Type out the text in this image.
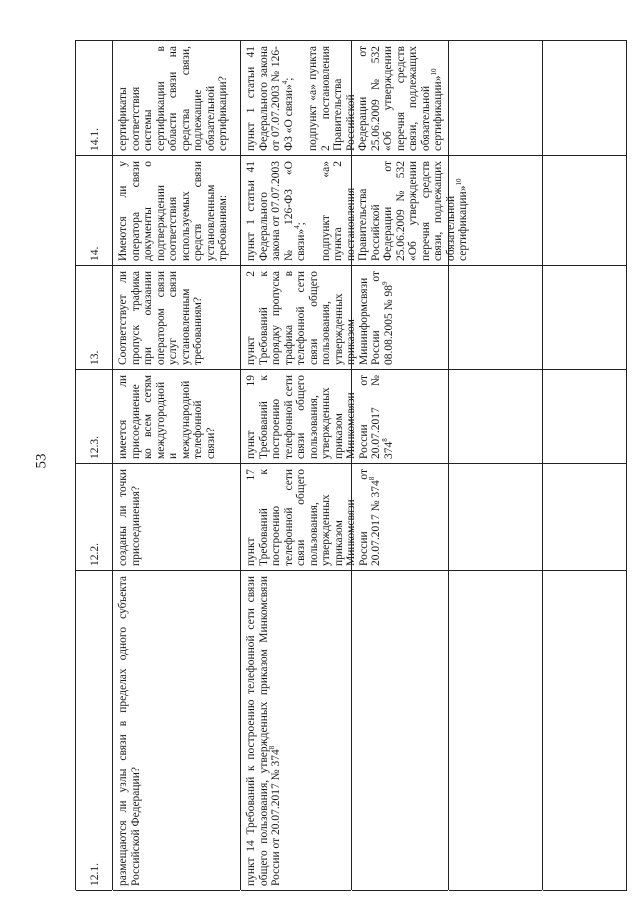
53
14.1.
14.
13.
12.3.
12.2.
12.1.
сертификаты соответствия системы сертификации в области связи на средства связи, подлежащие обязательной сертификации?
Имеются ли у оператора связи документы о подтверждении соответствия используемых средств связи установленным требованиям:
Соответствует ли пропуск трафика при оказании оператором связи услуг связи установленным требованиям?
имеется ли присоединение ко всем сетям междугородной и международной телефонной связи?
созданы ли точки присоединения?
размещаются ли узлы связи в пределах одного субъекта Российской Федерации?

пункт 1 статьи 41 Федерального закона от 07.07.2003 № 126-ФЗ «О связи»$^4$; подпункт «а» пункта 2 постановления Правительства Российской Федерации от 25.06.2009 № 532 «Об утверждении перечня средств связи, подлежащих обязательной сертификации»$^{10}$

пункт 1 статьи 41 Федерального закона от 07.07.2003 № 126-ФЗ «О связи»$^4$; подпункт «а» пункта 2 постановления Правительства Российской Федерации от 25.06.2009 № 532 «Об утверждении перечня средств связи, подлежащих обязательной сертификации»$^{10}$

пункт 2 Требований к порядку пропуска трафика в телефонной сети связи общего пользования, утвержденных приказом Мининформсвязи России от 08.08.2005 № $98^9$

пункт 19 Требований к построению телефонной сети связи общего пользования, утвержденных приказом Минкомсвязи России от 20.07.2017 № $374^8$

пункт 17 Требований к построению телефонной сети связи общего пользования, утвержденных приказом Минкомсвязи России от 20.07.2017 № $374^8$

пункт 14 Требований к построению телефонной сети связи общего пользования, утвержденных приказом Минкомсвязи России от 20.07.2017 № $374^8$
